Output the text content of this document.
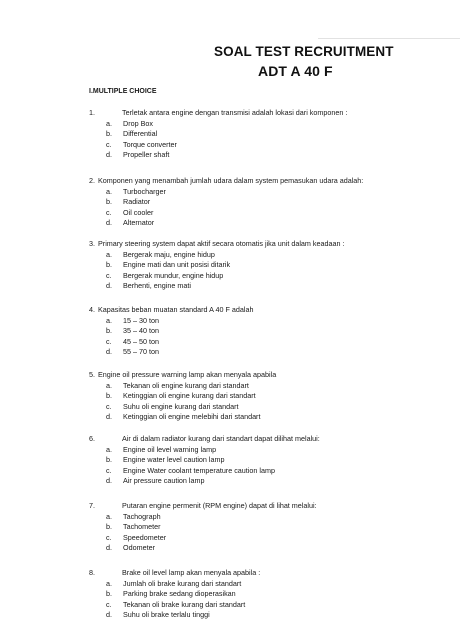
SOAL TEST RECRUITMENT
ADT A 40 F
I.MULTIPLE CHOICE
1.	Terletak antara engine dengan transmisi adalah lokasi dari komponen :
a.	Drop Box
b.	Differential
c.	Torque converter
d.	Propeller shaft
2. Komponen yang menambah jumlah udara dalam system pemasukan udara adalah:
a.	Turbocharger
b.	Radiator
c.	Oil cooler
d.	Alternator
3. Primary steering system dapat aktif secara otomatis jika unit dalam keadaan :
a.	Bergerak maju, engine hidup
b.	Engine mati dan unit posisi ditarik
c.	Bergerak mundur, engine hidup
d.	Berhenti, engine mati
4. Kapasitas beban muatan standard A 40 F adalah
a.	15 – 30 ton
b.	35 – 40 ton
c.	45 – 50 ton
d.	55 – 70 ton
5. Engine oil pressure warning lamp akan menyala apabila
a.	Tekanan oli engine kurang dari standart
b.	Ketinggian oli engine kurang dari standart
c.	Suhu oli engine kurang dari standart
d.	Ketinggian oli engine melebihi dari standart
6.	Air di dalam radiator kurang dari standart dapat dilihat melalui:
a.	Engine oil level warning lamp
b.	Engine water level caution lamp
c.	Engine Water coolant temperature caution lamp
d.	Air pressure caution lamp
7.	Putaran engine permenit (RPM engine) dapat di lihat melalui:
a.	Tachograph
b.	Tachometer
c.	Speedometer
d.	Odometer
8.	Brake oil level lamp akan menyala apabila :
a.	Jumlah oli brake kurang dari standart
b.	Parking brake sedang dioperasikan
c.	Tekanan oli brake kurang dari standart
d.	Suhu oli brake terlalu tinggi
